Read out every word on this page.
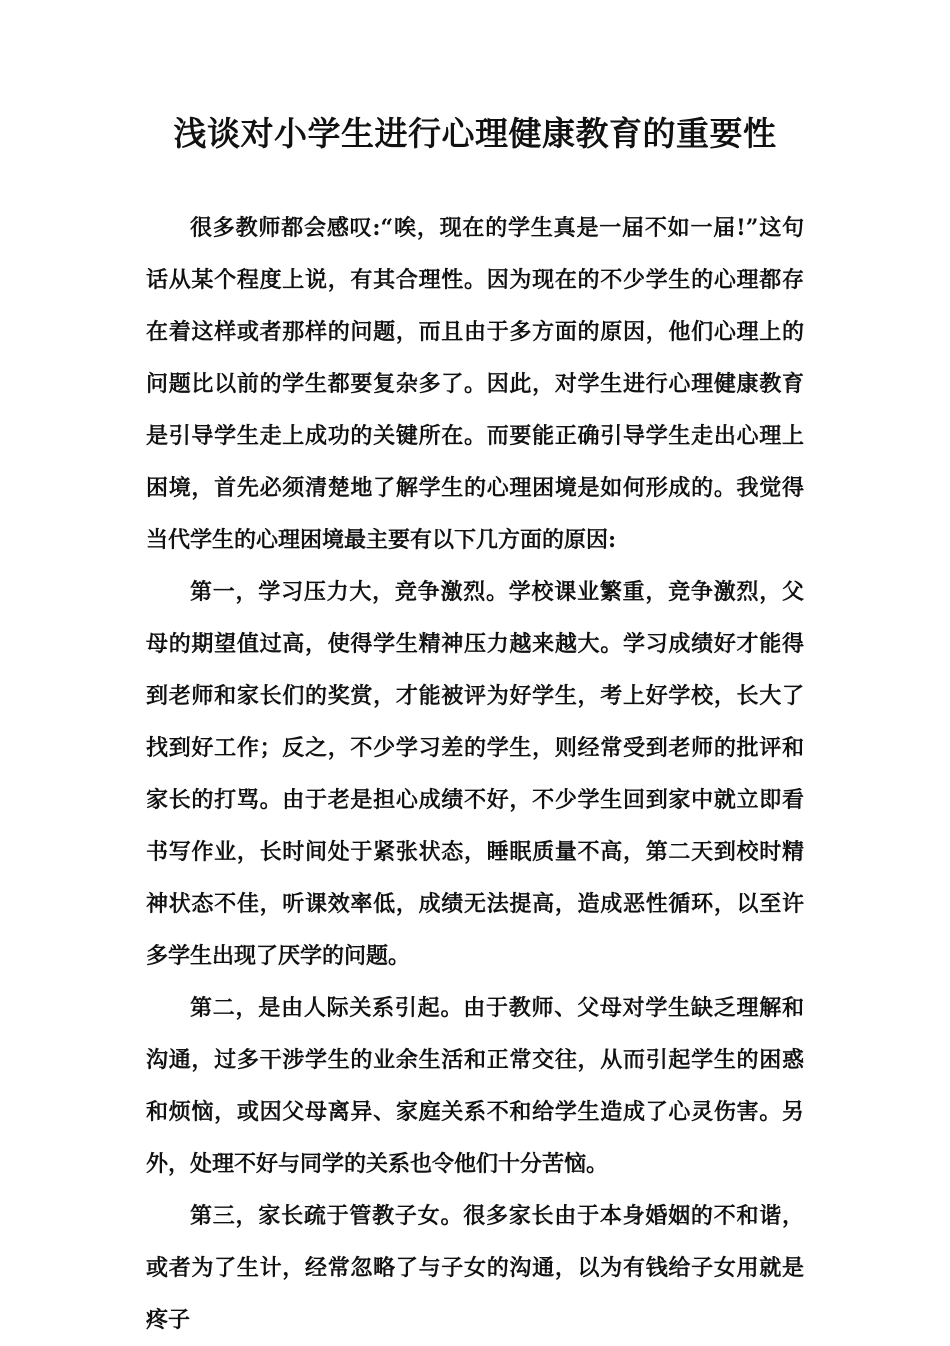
浅谈对小学生进行心理健康教育的重要性

很多教师都会感叹:“唉，现在的学生真是一届不如一届!”这句话从某个程度上说，有其合理性。因为现在的不少学生的心理都存在着这样或者那样的问题，而且由于多方面的原因，他们心理上的问题比以前的学生都要复杂多了。因此，对学生进行心理健康教育是引导学生走上成功的关键所在。而要能正确引导学生走出心理上困境，首先必须清楚地了解学生的心理困境是如何形成的。我觉得当代学生的心理困境最主要有以下几方面的原因:

第一，学习压力大，竞争激烈。学校课业繁重，竞争激烈，父母的期望值过高，使得学生精神压力越来越大。学习成绩好才能得到老师和家长们的奖赏，才能被评为好学生，考上好学校，长大了找到好工作；反之，不少学习差的学生，则经常受到老师的批评和家长的打骂。由于老是担心成绩不好，不少学生回到家中就立即看书写作业，长时间处于紧张状态，睡眠质量不高，第二天到校时精神状态不佳，听课效率低，成绩无法提高，造成恶性循环，以至许多学生出现了厌学的问题。

第二，是由人际关系引起。由于教师、父母对学生缺乏理解和沟通，过多干涉学生的业余生活和正常交往，从而引起学生的困惑和烦恼，或因父母离异、家庭关系不和给学生造成了心灵伤害。另外，处理不好与同学的关系也令他们十分苦恼。

第三，家长疏于管教子女。很多家长由于本身婚姻的不和谐，或者为了生计，经常忽略了与子女的沟通，以为有钱给子女用就是疼子
